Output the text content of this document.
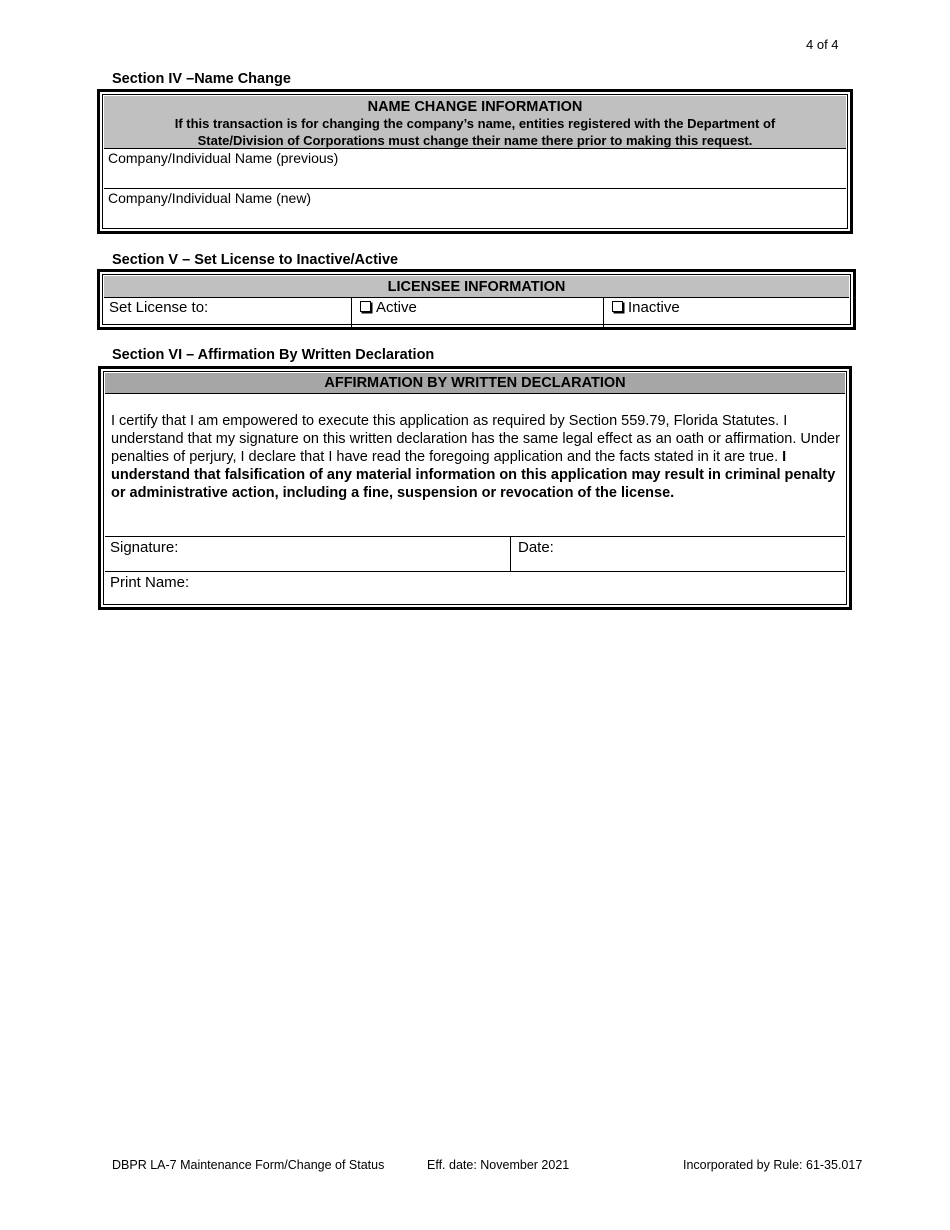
4 of 4
Section IV –Name Change
NAME CHANGE INFORMATION
If this transaction is for changing the company’s name, entities registered with the Department of State/Division of Corporations must change their name there prior to making this request.
Company/Individual Name (previous)
Company/Individual Name (new)
Section V – Set License to Inactive/Active
LICENSEE INFORMATION
Set License to:	Active	Inactive
Section VI – Affirmation By Written Declaration
AFFIRMATION BY WRITTEN DECLARATION
I certify that I am empowered to execute this application as required by Section 559.79, Florida Statutes. I understand that my signature on this written declaration has the same legal effect as an oath or affirmation. Under penalties of perjury, I declare that I have read the foregoing application and the facts stated in it are true. I understand that falsification of any material information on this application may result in criminal penalty or administrative action, including a fine, suspension or revocation of the license.
Signature:	Date:
Print Name:
DBPR LA-7 Maintenance Form/Change of Status	Eff. date: November 2021	Incorporated by Rule: 61-35.017
